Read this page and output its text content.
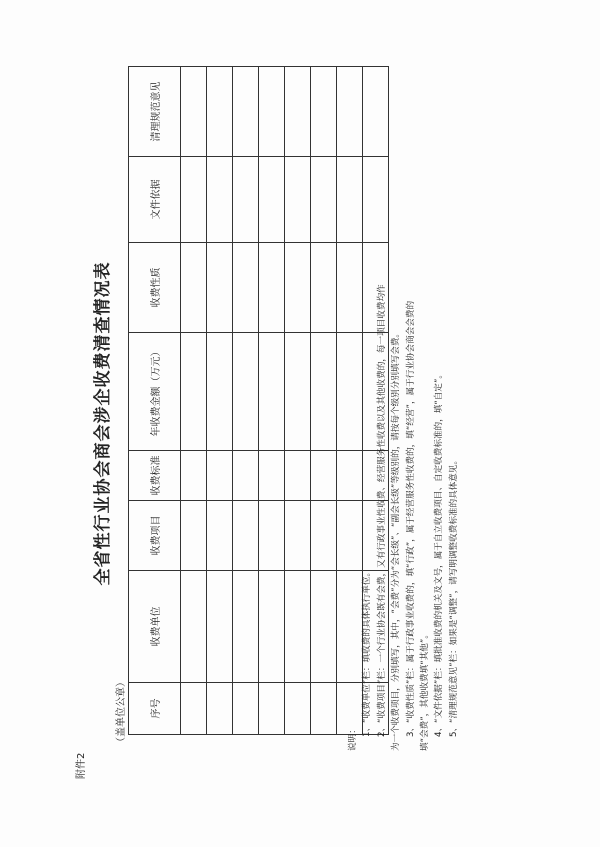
附件2
全省性行业协会商会涉企收费清查情况表
（盖单位公章） 序号	收费单位	收费项目	收费标准	年收费金额（万元）	收费性质	文件依据	清理规范意见

说明：

1、“收费单位”栏：填收费的具体执行单位。 2、“收费项目”栏：一个行业协会既有会费，又有行政事业性收费、经营服务性收费以及其他收费的，每一项目收费均作 为一个收费项目，分别填写，其中，“会费”分为“会长级”、“副会长级”等级别的，请按每个级别分别填写会费。 3、“收费性质”栏：属于行政事业收费的，填“行政”，属于经营服务性收费的，填“经营”，属于行业协会商会会费的 填“会费”，其他收费填“其他”。 4、“文件依据”栏：填批准收费的机关及文号，属于自立收费项目、自定收费标准的，填“自定”。 5、“清理规范意见”栏：如果是“调整”，请写明调整收费标准的具体意见。
